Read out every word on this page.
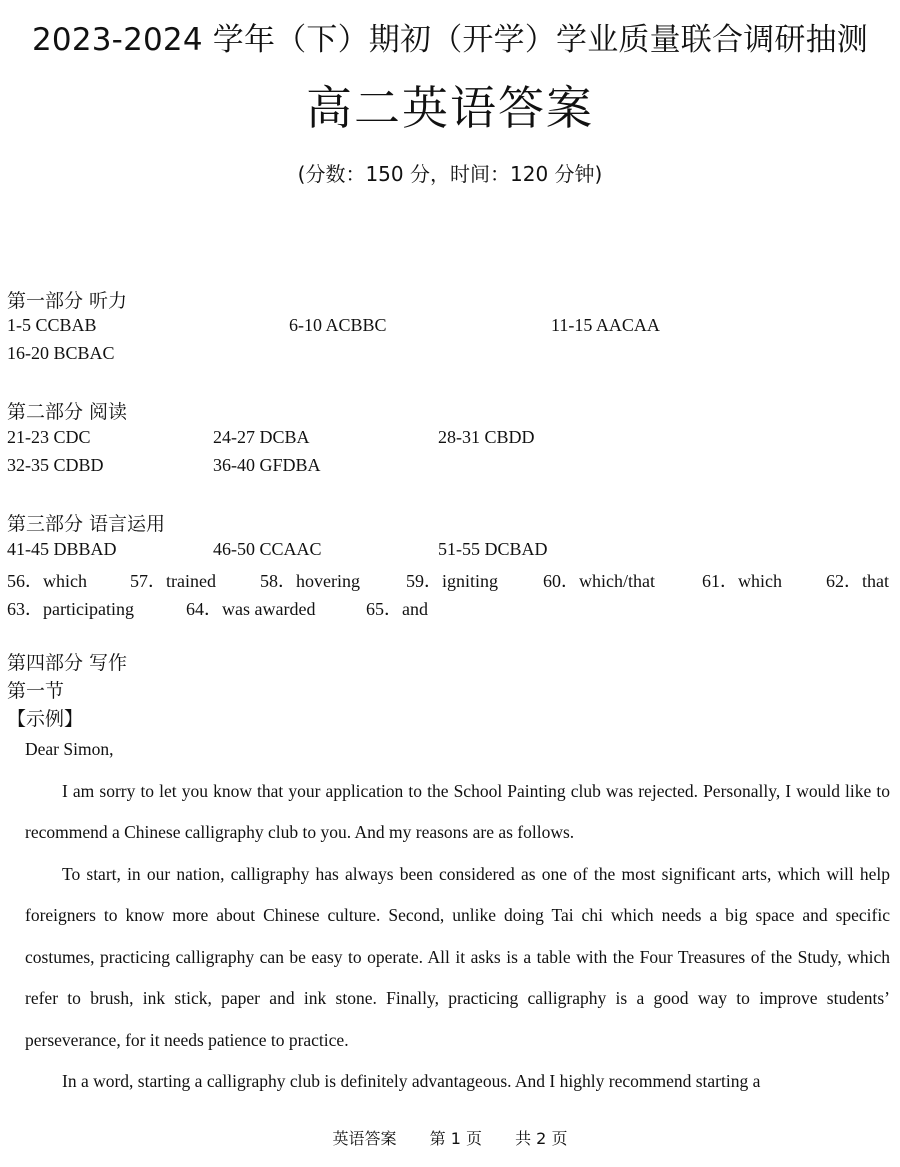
2023-2024 学年（下）期初（开学）学业质量联合调研抽测
高二英语答案
(分数：150 分，时间：120 分钟)
第一部分 听力
1-5 CCBAB	6-10 ACBBC	11-15 AACAA
16-20 BCBAC
第二部分 阅读
21-23 CDC	24-27 DCBA	28-31 CBDD
32-35 CDBD	36-40 GFDBA
第三部分 语言运用
41-45 DBBAD	46-50 CCAAC	51-55 DCBAD
56．which 57．trained 58．hovering	59．igniting 60．which/that	61．which 62．that
63．participating	64．was awarded	65．and
第四部分 写作
第一节
【示例】

Dear Simon,

I am sorry to let you know that your application to the School Painting club was rejected. Personally, I would like to recommend a Chinese calligraphy club to you. And my reasons are as follows.

To start, in our nation, calligraphy has always been considered as one of the most significant arts, which will help foreigners to know more about Chinese culture. Second, unlike doing Tai chi which needs a big space and specific costumes, practicing calligraphy can be easy to operate. All it asks is a table with the Four Treasures of the Study, which refer to brush, ink stick, paper and ink stone. Finally, practicing calligraphy is a good way to improve students’ perseverance, for it needs patience to practice.

In a word, starting a calligraphy club is definitely advantageous. And I highly recommend starting a

英语答案 第 1 页 共 2 页
